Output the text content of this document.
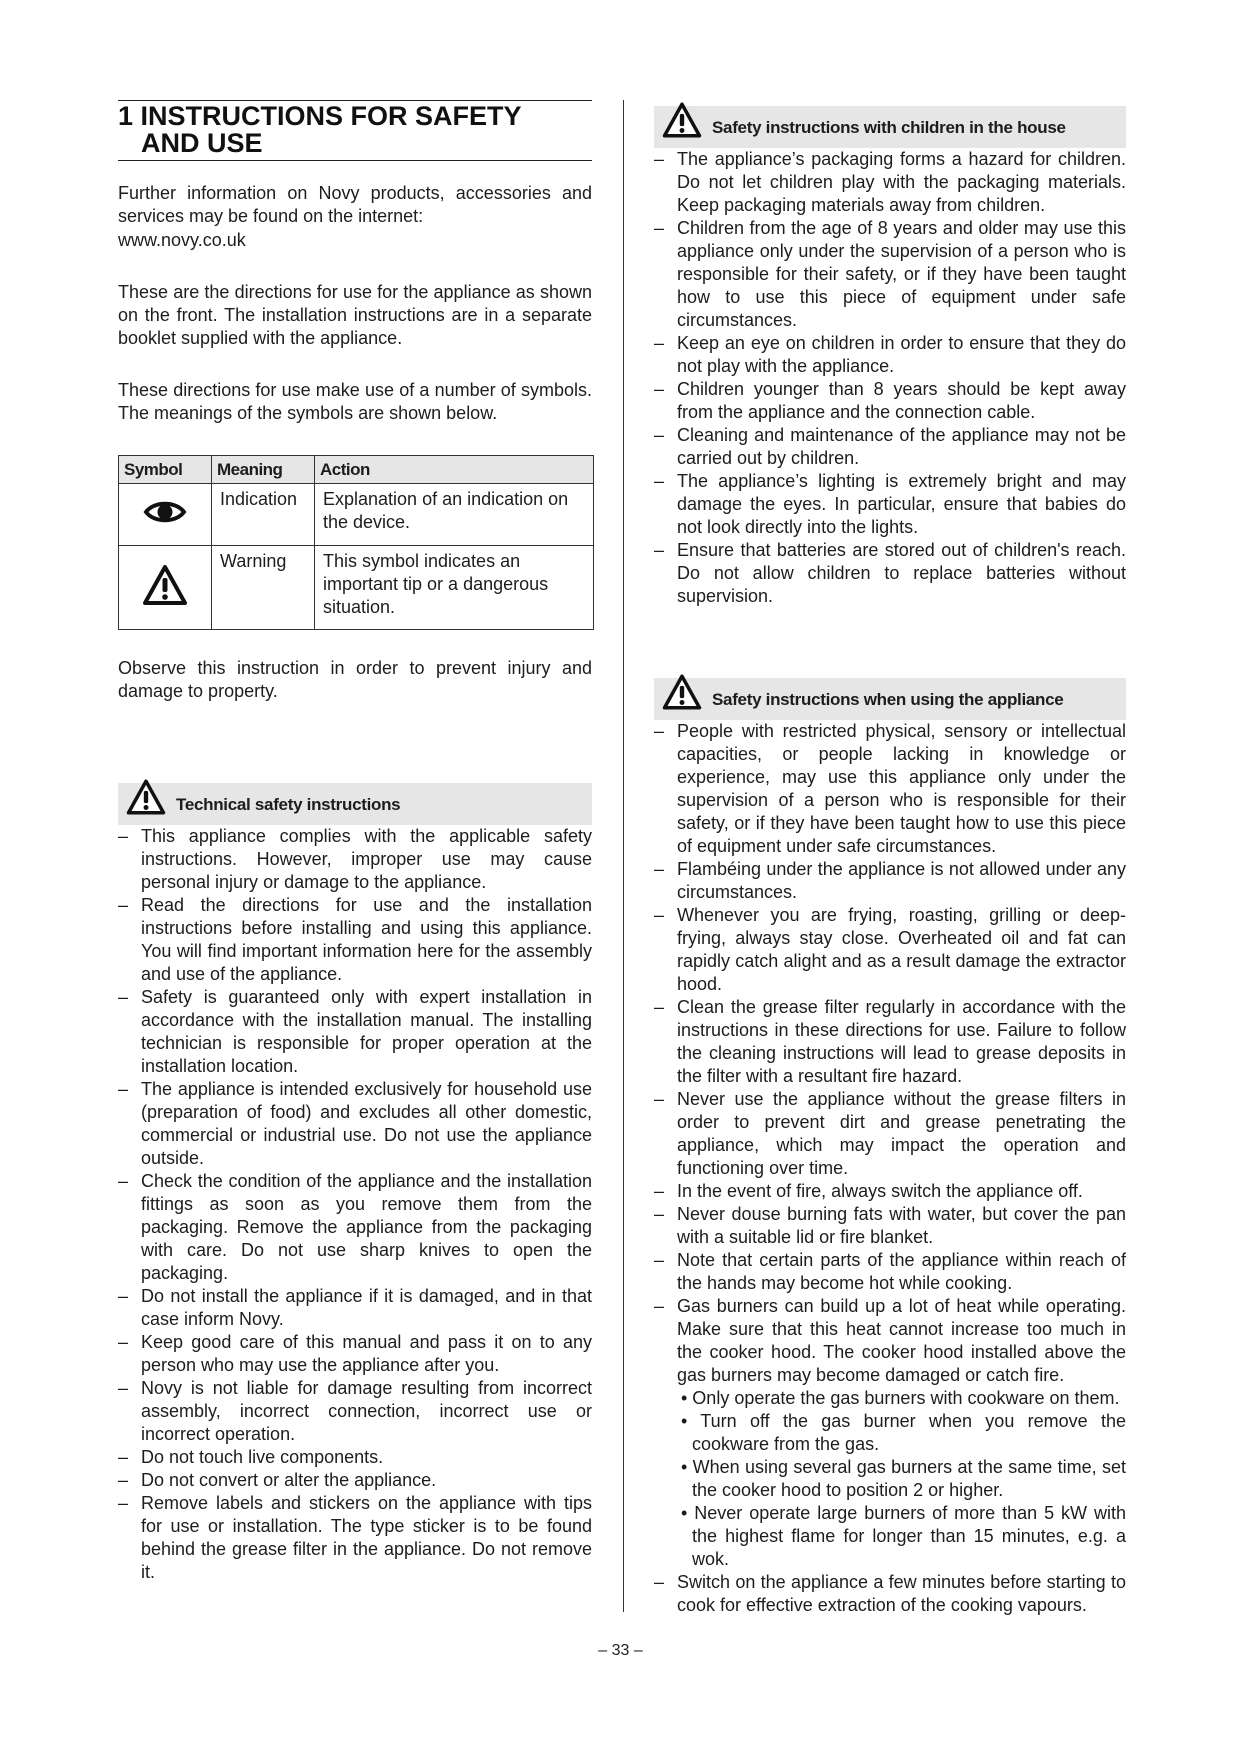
1 INSTRUCTIONS FOR SAFETY
AND USE

Further information on Novy products, accessories and services may be found on the internet:

www.novy.co.uk

These are the directions for use for the appliance as shown on the front. The installation instructions are in a separate booklet supplied with the appliance.

These directions for use make use of a number of symbols. The meanings of the symbols are shown below.

Symbol	Meaning	Action
	Indication	Explanation of an indication on the device.
	Warning	This symbol indicates an important tip or a dangerous situation.

Observe this instruction in order to prevent injury and damage to property.

Technical safety instructions
– This appliance complies with the applicable safety instructions. However, improper use may cause personal injury or damage to the appliance.
– Read the directions for use and the installation instructions before installing and using this appliance. You will find important information here for the assembly and use of the appliance.
– Safety is guaranteed only with expert installation in accordance with the installation manual. The installing technician is responsible for proper operation at the installation location.
– The appliance is intended exclusively for household use (preparation of food) and excludes all other domestic, commercial or industrial use. Do not use the appliance outside.
– Check the condition of the appliance and the installation fittings as soon as you remove them from the packaging. Remove the appliance from the packaging with care. Do not use sharp knives to open the packaging.
– Do not install the appliance if it is damaged, and in that case inform Novy.
– Keep good care of this manual and pass it on to any person who may use the appliance after you.
– Novy is not liable for damage resulting from incorrect assembly, incorrect connection, incorrect use or incorrect operation.
– Do not touch live components.
– Do not convert or alter the appliance.
– Remove labels and stickers on the appliance with tips for use or installation. The type sticker is to be found behind the grease filter in the appliance. Do not remove it.
Safety instructions with children in the house
– The appliance’s packaging forms a hazard for children. Do not let children play with the packaging materials. Keep packaging materials away from children.
– Children from the age of 8 years and older may use this appliance only under the supervision of a person who is responsible for their safety, or if they have been taught how to use this piece of equipment under safe circumstances.
– Keep an eye on children in order to ensure that they do not play with the appliance.
– Children younger than 8 years should be kept away from the appliance and the connection cable.
– Cleaning and maintenance of the appliance may not be carried out by children.
– The appliance’s lighting is extremely bright and may damage the eyes. In particular, ensure that babies do not look directly into the lights.
– Ensure that batteries are stored out of children's reach. Do not allow children to replace batteries without supervision.
Safety instructions when using the appliance
– People with restricted physical, sensory or intellectual capacities, or people lacking in knowledge or experience, may use this appliance only under the supervision of a person who is responsible for their safety, or if they have been taught how to use this piece of equipment under safe circumstances.
– Flambéing under the appliance is not allowed under any circumstances.
– Whenever you are frying, roasting, grilling or deep-frying, always stay close. Overheated oil and fat can rapidly catch alight and as a result damage the extractor hood.
– Clean the grease filter regularly in accordance with the instructions in these directions for use. Failure to follow the cleaning instructions will lead to grease deposits in the filter with a resultant fire hazard.
– Never use the appliance without the grease filters in order to prevent dirt and grease penetrating the appliance, which may impact the operation and functioning over time.
– In the event of fire, always switch the appliance off.
– Never douse burning fats with water, but cover the pan with a suitable lid or fire blanket.
– Note that certain parts of the appliance within reach of the hands may become hot while cooking.
– Gas burners can build up a lot of heat while operating. Make sure that this heat cannot increase too much in the cooker hood. The cooker hood installed above the gas burners may become damaged or catch fire.
• Only operate the gas burners with cookware on them.
• Turn off the gas burner when you remove the cookware from the gas.
• When using several gas burners at the same time, set the cooker hood to position 2 or higher.
• Never operate large burners of more than 5 kW with the highest flame for longer than 15 minutes, e.g. a wok.
– Switch on the appliance a few minutes before starting to cook for effective extraction of the cooking vapours.
– 33 –
